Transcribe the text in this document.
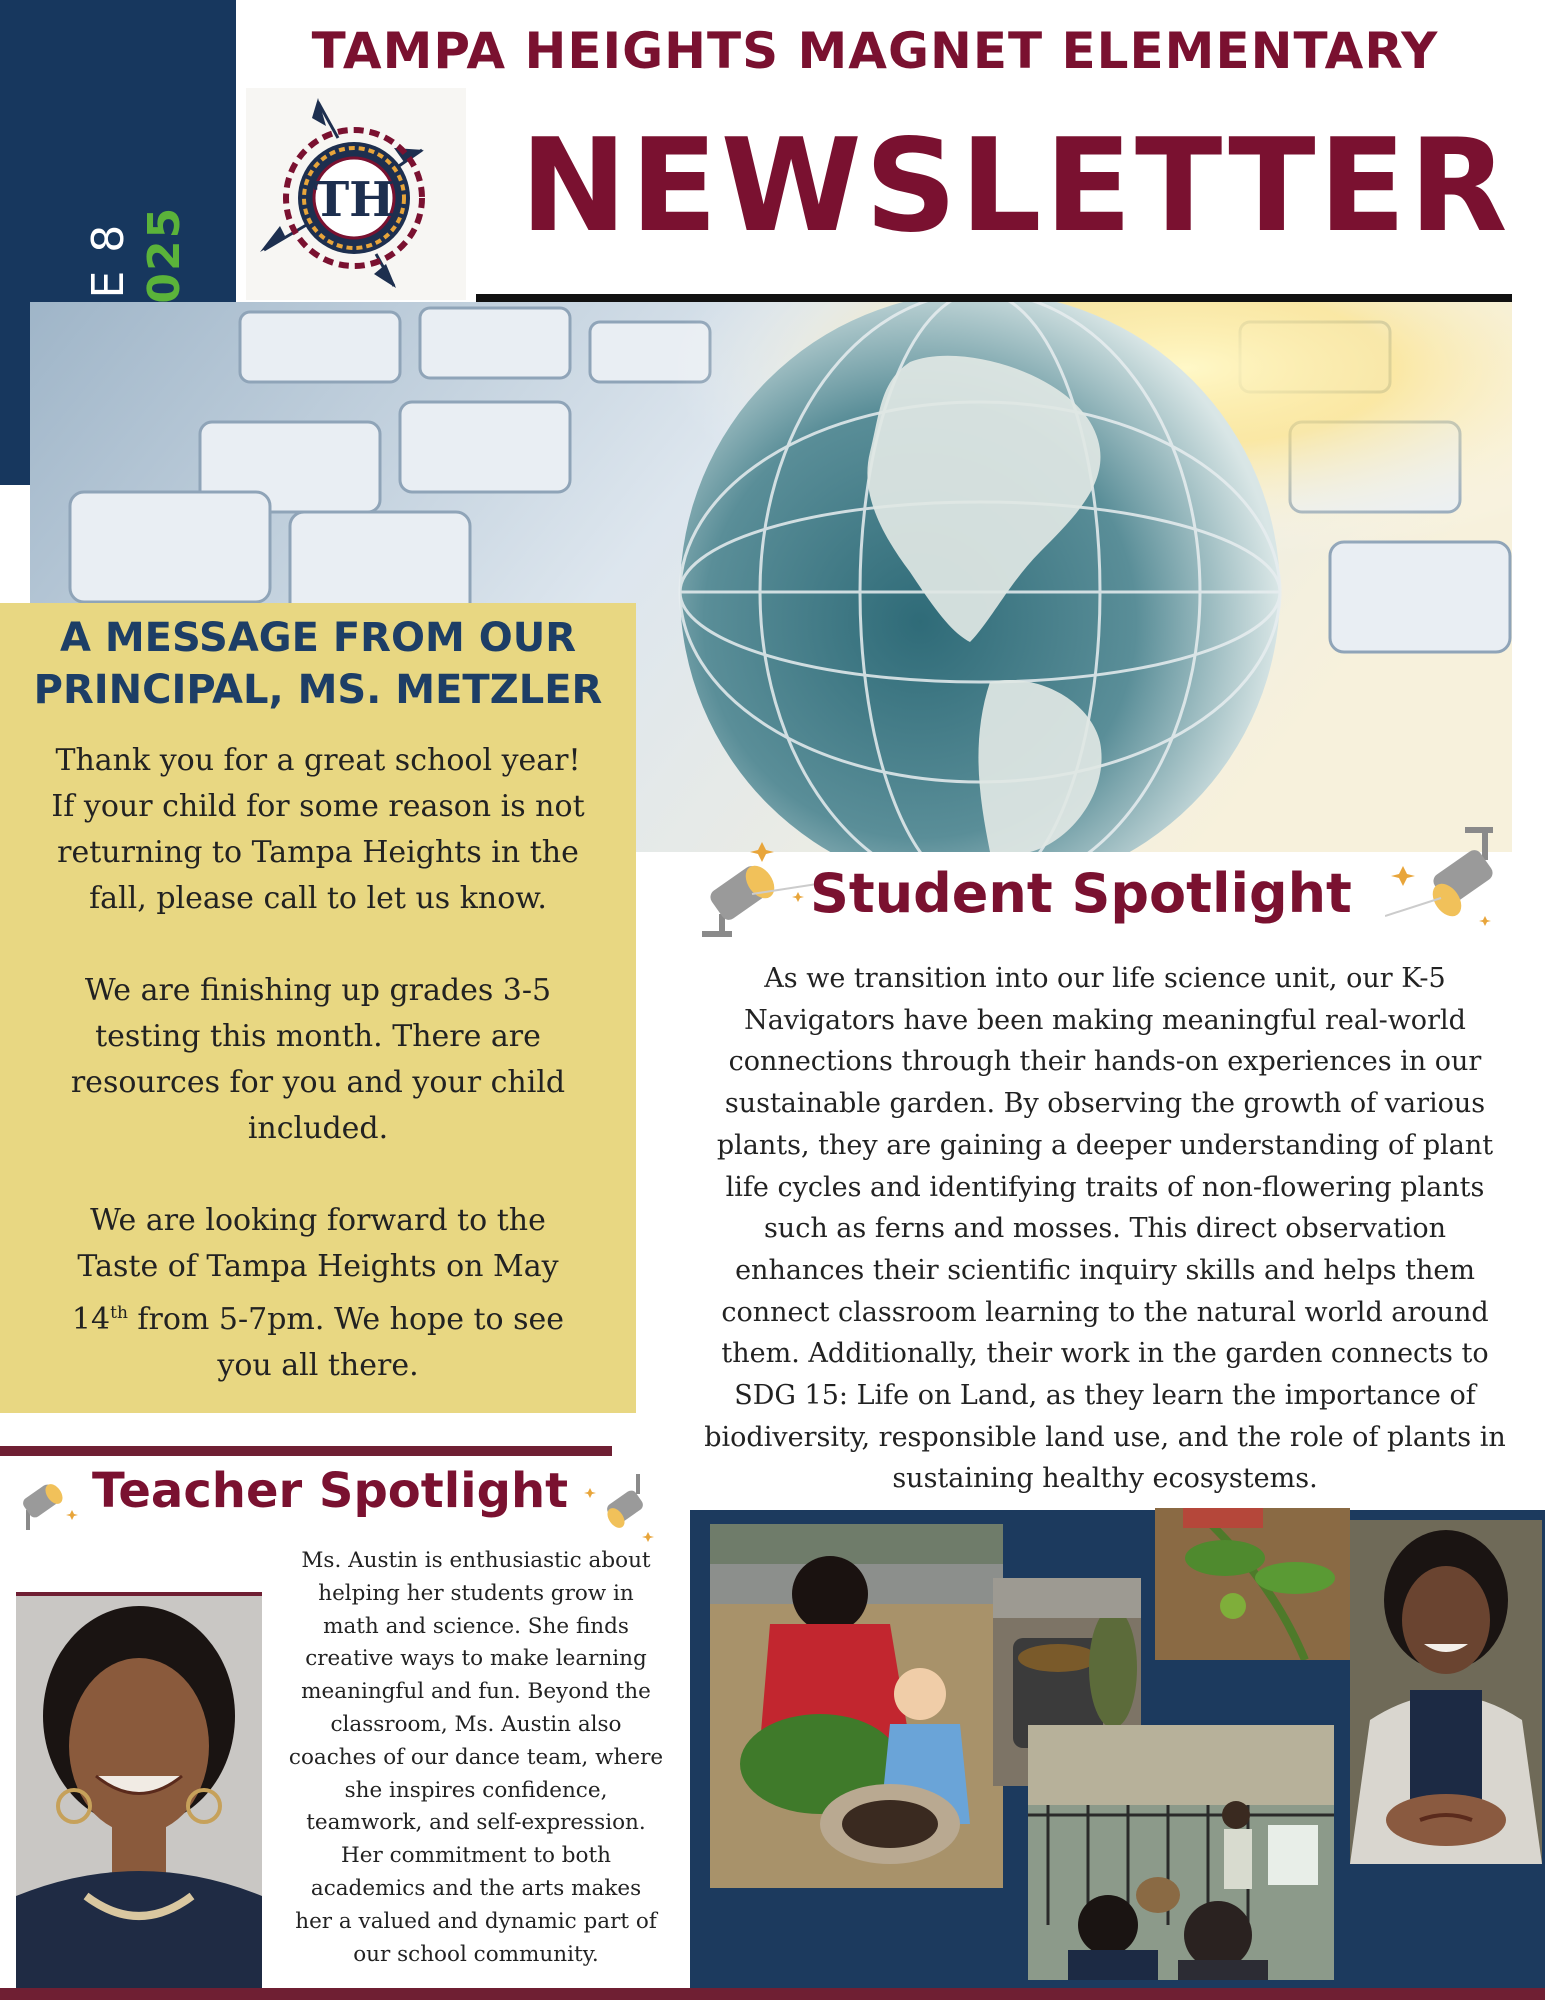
TAMPA HEIGHTS MAGNET ELEMENTARY
TH NEWSLETTER
A MESSAGE FROM OUR
PRINCIPAL, MS. METZLER

Thank you for a great school year!

If your child for some reason is not

returning to Tampa Heights in the

fall, please call to let us know.

We are finishing up grades 3-5

testing this month. There are

resources for you and your child

included.

We are looking forward to the

Taste of Tampa Heights on May

14th from 5-7pm. We hope to see

you all there.

Student Spotlight
As we transition into our life science unit, our K-5
Navigators have been making meaningful real-world
connections through their hands-on experiences in our
sustainable garden. By observing the growth of various
plants, they are gaining a deeper understanding of plant
life cycles and identifying traits of non-flowering plants
such as ferns and mosses. This direct observation
enhances their scientific inquiry skills and helps them
connect classroom learning to the natural world around
them. Additionally, their work in the garden connects to
SDG 15: Life on Land, as they learn the importance of
biodiversity, responsible land use, and the role of plants in
sustaining healthy ecosystems.
Teacher Spotlight
Ms. Austin is enthusiastic about
helping her students grow in
math and science. She finds
creative ways to make learning
meaningful and fun. Beyond the
classroom, Ms. Austin also
coaches of our dance team, where
she inspires confidence,
teamwork, and self-expression.
Her commitment to both
academics and the arts makes
her a valued and dynamic part of
our school community.
